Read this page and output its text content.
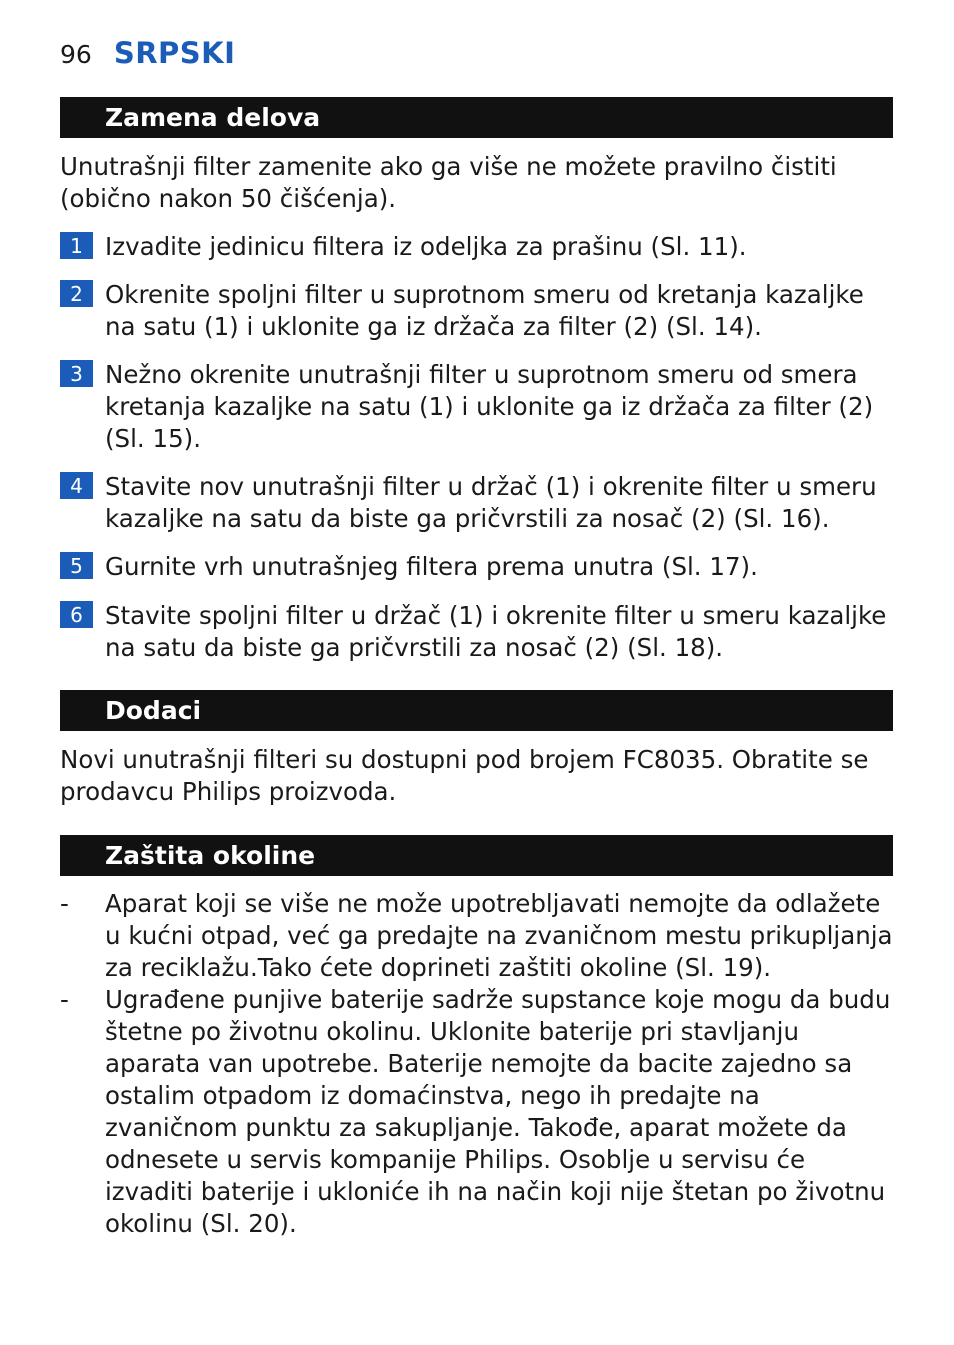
96 SRPSKI
Zamena delova
Unutrašnji filter zamenite ako ga više ne možete pravilno čistiti (obično nakon 50 čišćenja).
1 Izvadite jedinicu filtera iz odeljka za prašinu (Sl. 11).
2 Okrenite spoljni filter u suprotnom smeru od kretanja kazaljke na satu (1) i uklonite ga iz držača za filter (2) (Sl. 14).
3 Nežno okrenite unutrašnji filter u suprotnom smeru od smera kretanja kazaljke na satu (1) i uklonite ga iz držača za filter (2) (Sl. 15).
4 Stavite nov unutrašnji filter u držač (1) i okrenite filter u smeru kazaljke na satu da biste ga pričvrstili za nosač (2) (Sl. 16).
5 Gurnite vrh unutrašnjeg filtera prema unutra (Sl. 17).
6 Stavite spoljni filter u držač (1) i okrenite filter u smeru kazaljke na satu da biste ga pričvrstili za nosač (2) (Sl. 18).
Dodaci
Novi unutrašnji filteri su dostupni pod brojem FC8035. Obratite se prodavcu Philips proizvoda.
Zaštita okoline
- Aparat koji se više ne može upotrebljavati nemojte da odlažete u kućni otpad, već ga predajte na zvaničnom mestu prikupljanja za reciklažu.Tako ćete doprineti zaštiti okoline (Sl. 19).
- Ugrađene punjive baterije sadrže supstance koje mogu da budu štetne po životnu okolinu. Uklonite baterije pri stavljanju aparata van upotrebe. Baterije nemojte da bacite zajedno sa ostalim otpadom iz domaćinstva, nego ih predajte na zvaničnom punktu za sakupljanje. Takođe, aparat možete da odnesete u servis kompanije Philips. Osoblje u servisu će izvaditi baterije i ukloniće ih na način koji nije štetan po životnu okolinu (Sl. 20).
